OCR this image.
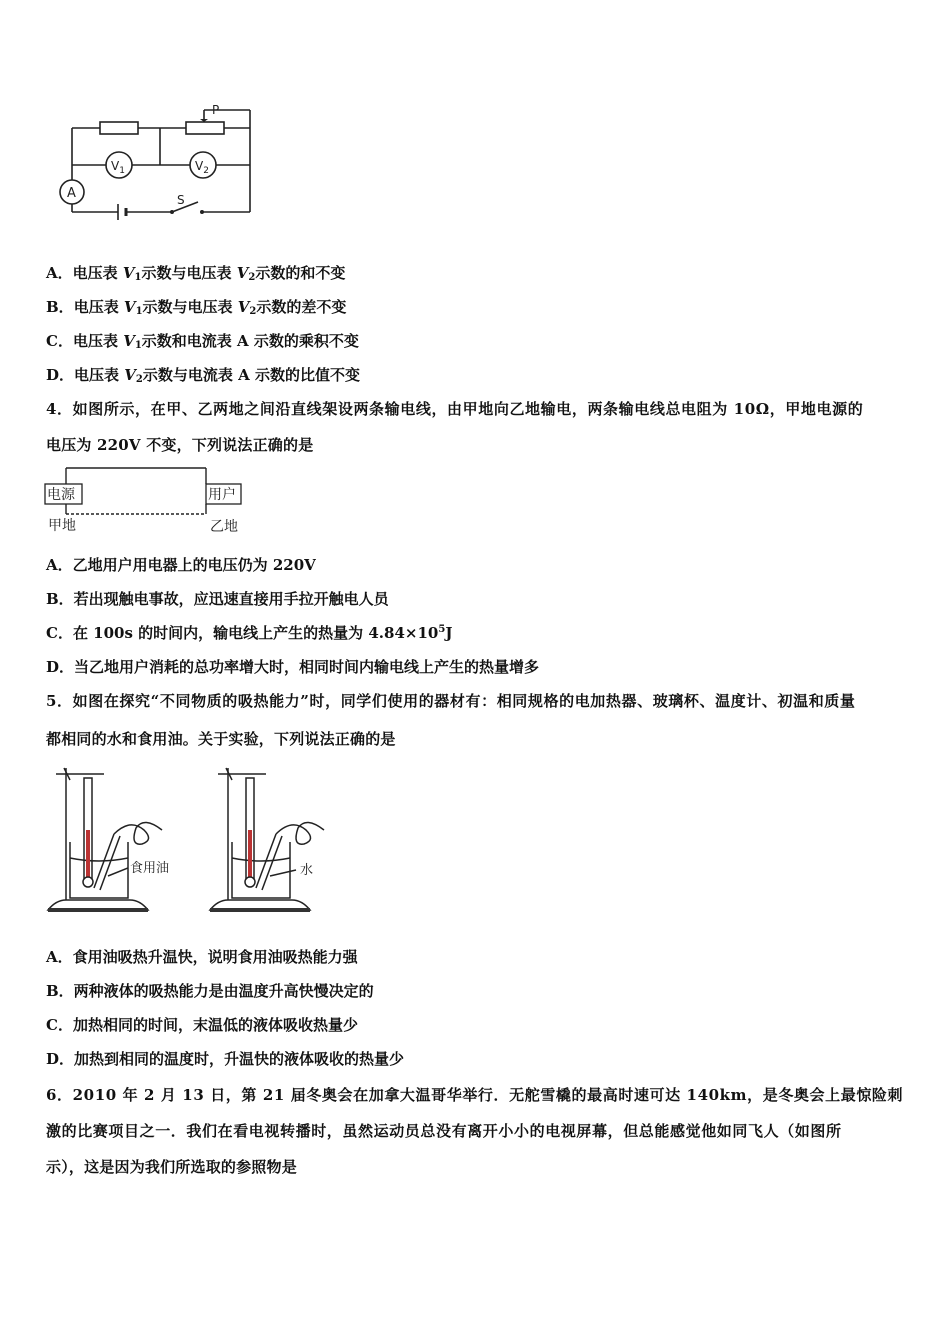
A
$V_1$	$V_2$
P
S
A．电压表 $V_1$示数与电压表 $V_2$示数的和不变
B．电压表 $V_1$示数与电压表 $V_2$示数的差不变
C．电压表 $V_1$示数和电流表 A 示数的乘积不变
D．电压表 $V_2$示数与电流表 A 示数的比值不变
4．如图所示，在甲、乙两地之间沿直线架设两条输电线，由甲地向乙地输电，两条输电线总电阻为 10Ω，甲地电源的
电压为 220V 不变，下列说法正确的是
电源	用户
甲地	乙地
A．乙地用户用电器上的电压仍为 220V
B．若出现触电事故，应迅速直接用手拉开触电人员
C．在 100s 的时间内，输电线上产生的热量为 $4.84\times 10^5J$
D．当乙地用户消耗的总功率增大时，相同时间内输电线上产生的热量增多
5．如图在探究“不同物质的吸热能力”时，同学们使用的器材有：相同规格的电加热器、玻璃杯、温度计、初温和质量
都相同的水和食用油。关于实验，下列说法正确的是
食用油	水
A．食用油吸热升温快，说明食用油吸热能力强
B．两种液体的吸热能力是由温度升高快慢决定的
C．加热相同的时间，末温低的液体吸收热量少
D．加热到相同的温度时，升温快的液体吸收的热量少
6．2010 年 2 月 13 日，第 21 届冬奥会在加拿大温哥华举行．无舵雪橇的最高时速可达 140km，是冬奥会上最惊险刺
激的比赛项目之一．我们在看电视转播时，虽然运动员总没有离开小小的电视屏幕，但总能感觉他如同飞人（如图所
示），这是因为我们所选取的参照物是
